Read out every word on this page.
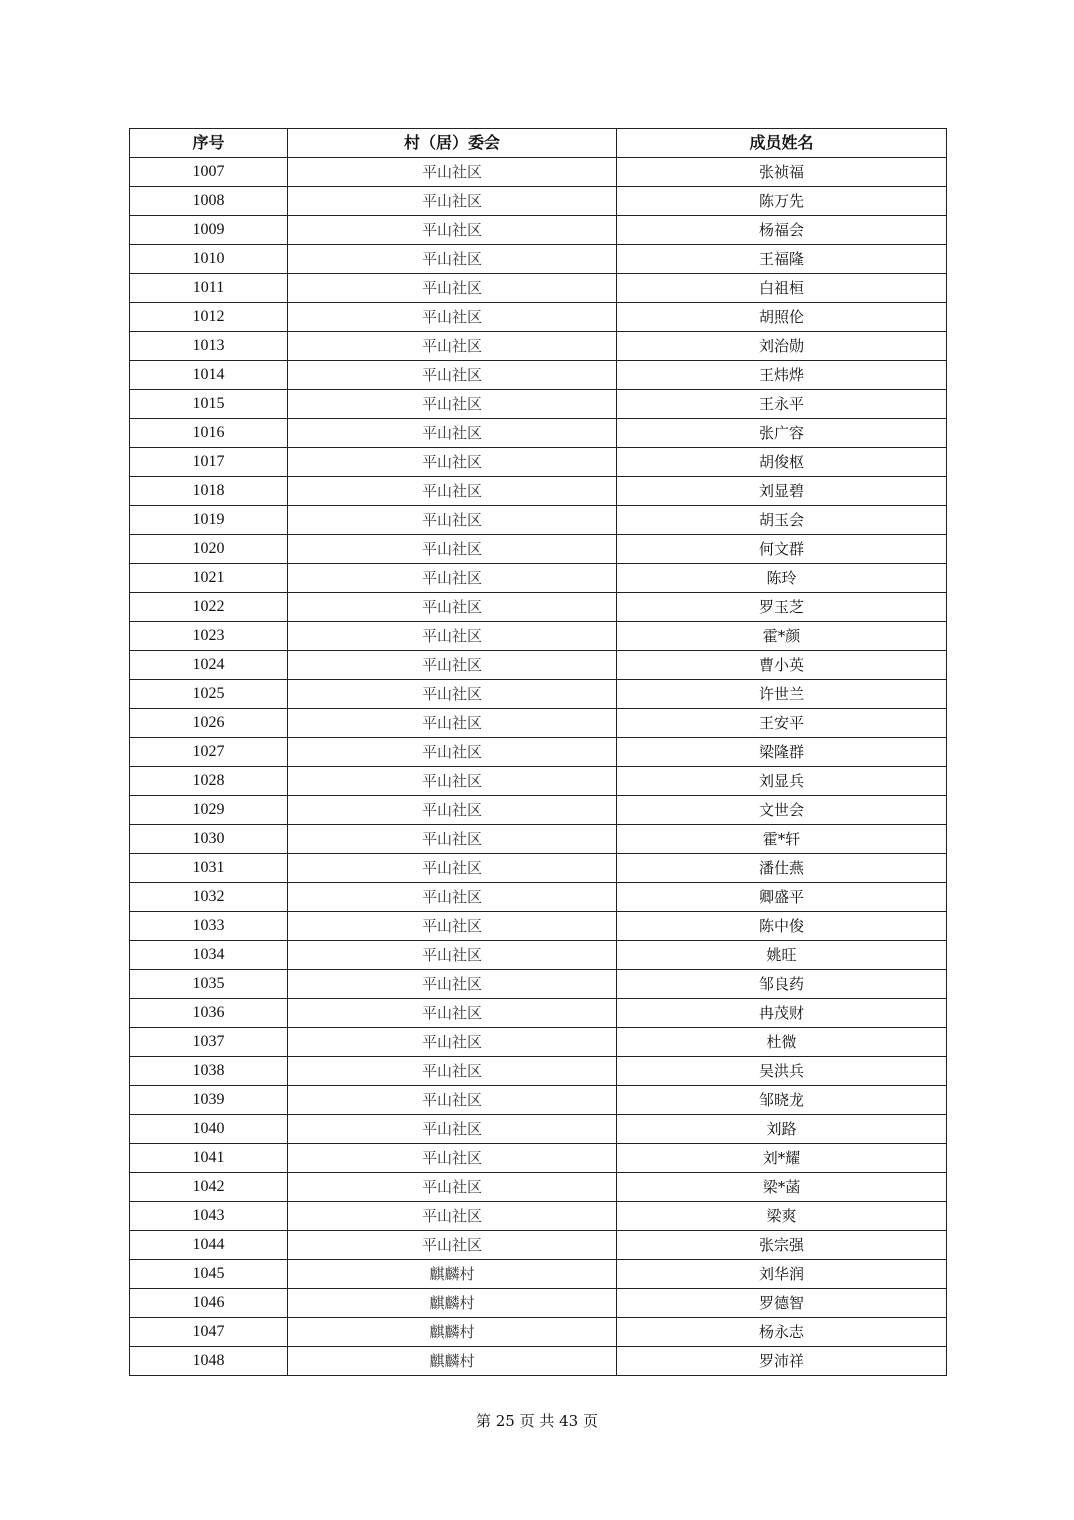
序号	村（居）委会	成员姓名
1007	平山社区	张祯福
1008	平山社区	陈万先
1009	平山社区	杨福会
1010	平山社区	王福隆
1011	平山社区	白祖桓
1012	平山社区	胡照伦
1013	平山社区	刘治勋
1014	平山社区	王炜烨
1015	平山社区	王永平
1016	平山社区	张广容
1017	平山社区	胡俊枢
1018	平山社区	刘显碧
1019	平山社区	胡玉会
1020	平山社区	何文群
1021	平山社区	陈玲
1022	平山社区	罗玉芝
1023	平山社区	霍*颜
1024	平山社区	曹小英
1025	平山社区	许世兰
1026	平山社区	王安平
1027	平山社区	梁隆群
1028	平山社区	刘显兵
1029	平山社区	文世会
1030	平山社区	霍*轩
1031	平山社区	潘仕燕
1032	平山社区	卿盛平
1033	平山社区	陈中俊
1034	平山社区	姚旺
1035	平山社区	邹良药
1036	平山社区	冉茂财
1037	平山社区	杜微
1038	平山社区	吴洪兵
1039	平山社区	邹晓龙
1040	平山社区	刘路
1041	平山社区	刘*耀
1042	平山社区	梁*菡
1043	平山社区	梁爽
1044	平山社区	张宗强
1045	麒麟村	刘华润
1046	麒麟村	罗德智
1047	麒麟村	杨永志
1048	麒麟村	罗沛祥
第 25 页 共 43 页
